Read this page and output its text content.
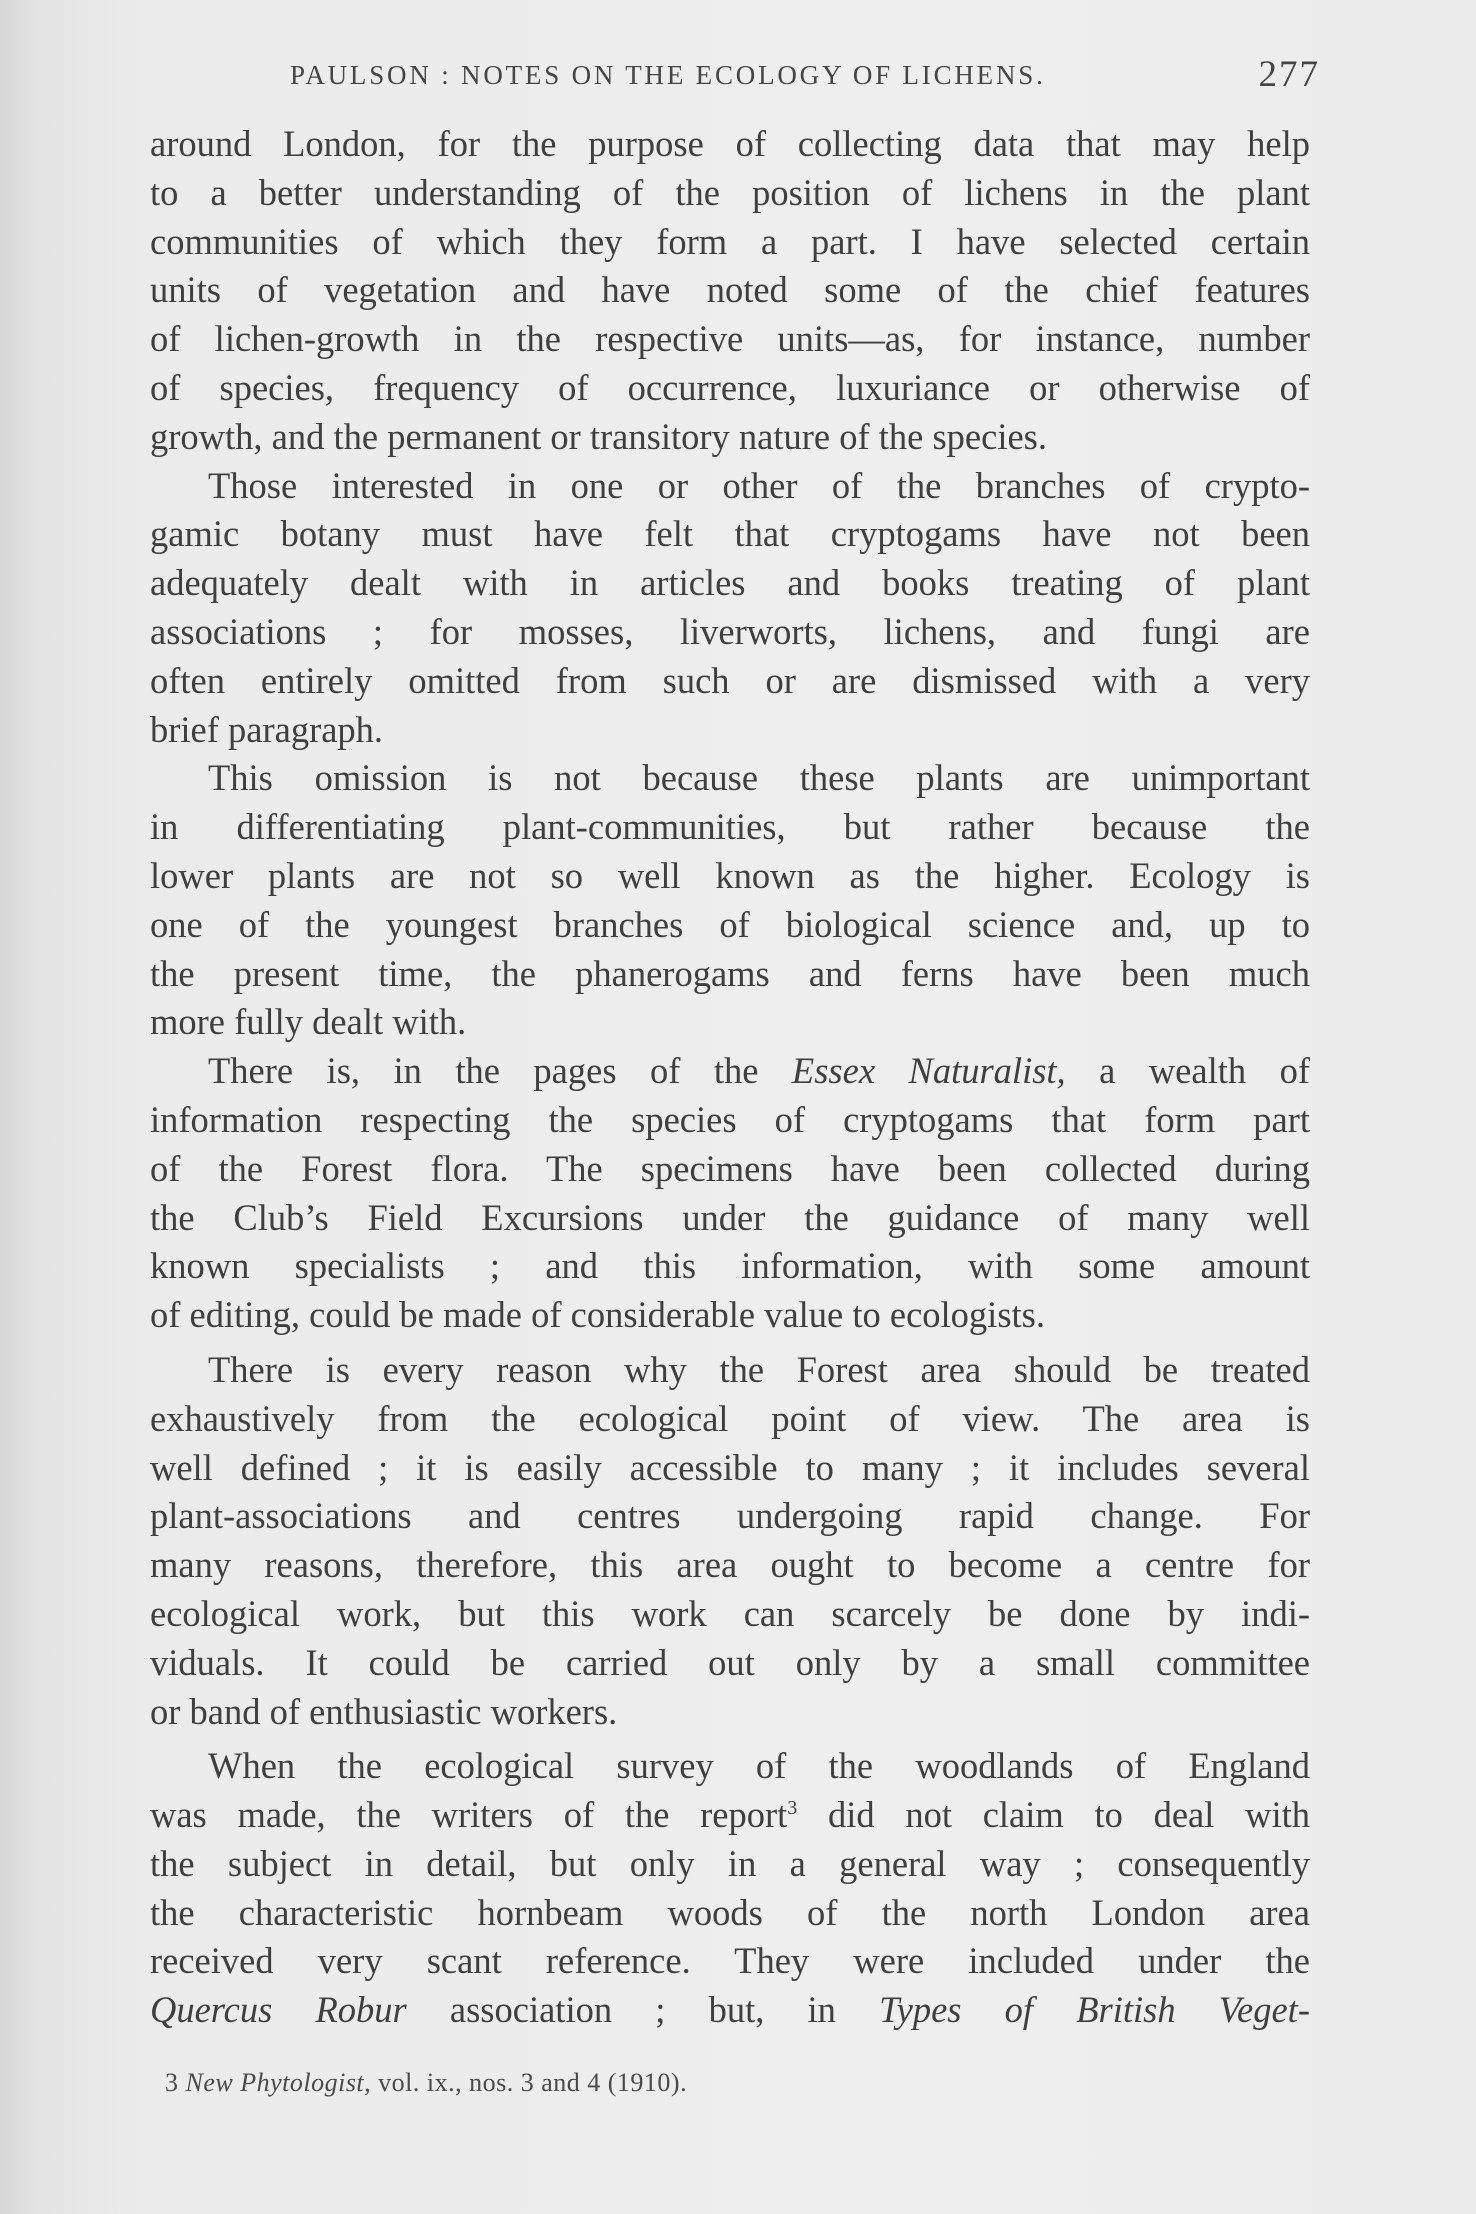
PAULSON : NOTES ON THE ECOLOGY OF LICHENS.	277
around London, for the purpose of collecting data that may help
to a better understanding of the position of lichens in the plant
communities of which they form a part. I have selected certain
units of vegetation and have noted some of the chief features
of lichen-growth in the respective units—as, for instance, number
of species, frequency of occurrence, luxuriance or otherwise of
growth, and the permanent or transitory nature of the species.
Those interested in one or other of the branches of crypto-
gamic botany must have felt that cryptogams have not been
adequately dealt with in articles and books treating of plant
associations ; for mosses, liverworts, lichens, and fungi are
often entirely omitted from such or are dismissed with a very
brief paragraph.
This omission is not because these plants are unimportant
in differentiating plant-communities, but rather because the
lower plants are not so well known as the higher. Ecology is
one of the youngest branches of biological science and, up to
the present time, the phanerogams and ferns have been much
more fully dealt with.
There is, in the pages of the Essex Naturalist, a wealth of
information respecting the species of cryptogams that form part
of the Forest flora. The specimens have been collected during
the Club’s Field Excursions under the guidance of many well
known specialists ; and this information, with some amount
of editing, could be made of considerable value to ecologists.
There is every reason why the Forest area should be treated
exhaustively from the ecological point of view. The area is
well defined ; it is easily accessible to many ; it includes several
plant-associations and centres undergoing rapid change. For
many reasons, therefore, this area ought to become a centre for
ecological work, but this work can scarcely be done by indi-
viduals. It could be carried out only by a small committee
or band of enthusiastic workers.
When the ecological survey of the woodlands of England
was made, the writers of the report$^3$ did not claim to deal with
the subject in detail, but only in a general way ; consequently
the characteristic hornbeam woods of the north London area
received very scant reference. They were included under the
Quercus Robur association ; but, in Types of British Veget-
3 New Phytologist, vol. ix., nos. 3 and 4 (1910).
